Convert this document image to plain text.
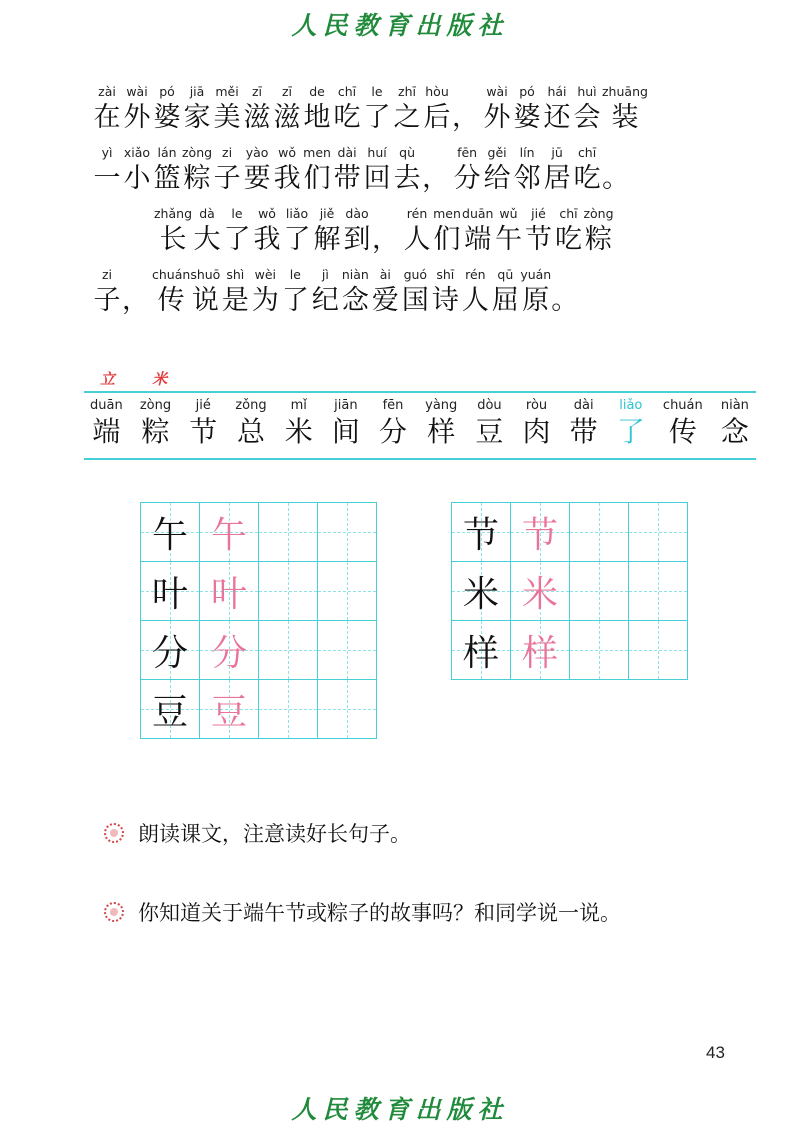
人民教育出版社
zài
在
wài
外
pó
婆
jiā
家
měi
美
zī
滋
zī
滋
de
地
chī
吃
le
了
zhī
之
hòu
后 ，
wài
外
pó
婆
hái
还
huì
会
zhuāng
装
yì
一
xiǎo
小
lán
篮
zòng
粽
zi
子
yào
要
wǒ
我
men
们
dài
带
huí
回
qù
去 ，
fēn
分
gěi
给
lín
邻
jū
居
chī
吃 。
zhǎng
长
dà
大
le
了
wǒ
我
liǎo
了
jiě
解
dào
到 ，
rén
人
men
们
duān
端
wǔ
午
jié
节
chī
吃
zòng
粽
zi
子 ，
chuán
传
shuō
说
shì
是
wèi
为
le
了
jì
纪
niàn
念
ài
爱
guó
国
shī
诗
rén
人
qū
屈
yuán
原 。
立 米
duān
端
zòng
粽
jié
节
zǒng
总
mǐ
米
jiān
间
fēn
分
yàng
样
dòu
豆
ròu
肉
dài
带
liǎo
了
chuán
传
niàn
念
午 午
叶 叶
分 分
豆 豆
节 节
米 米
样 样
朗读课文，注意读好长句子。
你知道关于端午节或粽子的故事吗？和同学说一说。
43
人民教育出版社
